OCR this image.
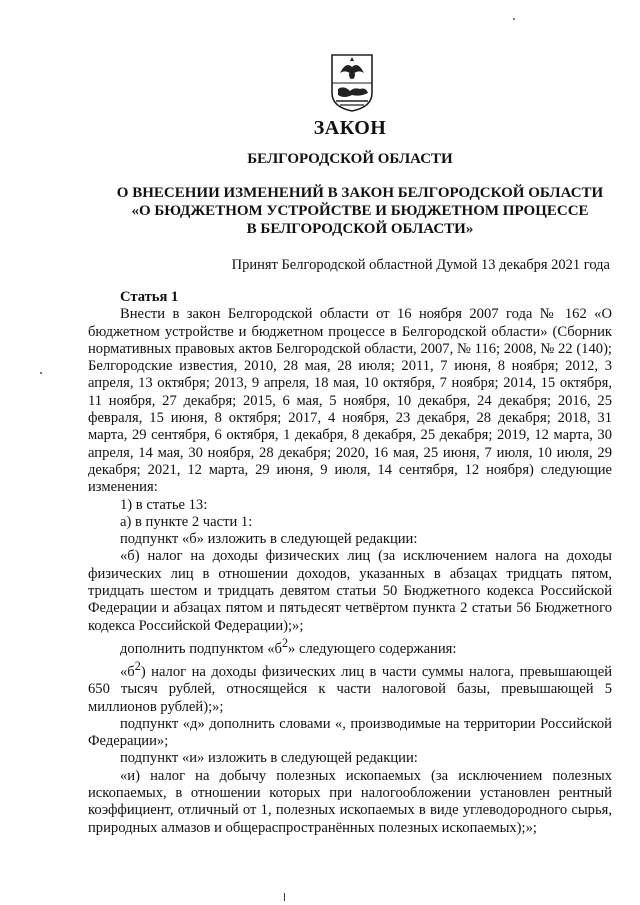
ЗАКОН
БЕЛГОРОДСКОЙ ОБЛАСТИ
О ВНЕСЕНИИ ИЗМЕНЕНИЙ В ЗАКОН БЕЛГОРОДСКОЙ ОБЛАСТИ
«О БЮДЖЕТНОМ УСТРОЙСТВЕ И БЮДЖЕТНОМ ПРОЦЕССЕ
В БЕЛГОРОДСКОЙ ОБЛАСТИ»
Принят Белгородской областной Думой 13 декабря 2021 года
Статья 1

Внести в закон Белгородской области от 16 ноября 2007 года № 162 «О бюджетном устройстве и бюджетном процессе в Белгородской области» (Сборник нормативных правовых актов Белгородской области, 2007, № 116; 2008, № 22 (140); Белгородские известия, 2010, 28 мая, 28 июля; 2011, 7 июня, 8 ноября; 2012, 3 апреля, 13 октября; 2013, 9 апреля, 18 мая, 10 октября, 7 ноября; 2014, 15 октября, 11 ноября, 27 декабря; 2015, 6 мая, 5 ноября, 10 декабря, 24 декабря; 2016, 25 февраля, 15 июня, 8 октября; 2017, 4 ноября, 23 декабря, 28 декабря; 2018, 31 марта, 29 сентября, 6 октября, 1 декабря, 8 декабря, 25 декабря; 2019, 12 марта, 30 апреля, 14 мая, 30 ноября, 28 декабря; 2020, 16 мая, 25 июня, 7 июля, 10 июля, 29 декабря; 2021, 12 марта, 29 июня, 9 июля, 14 сентября, 12 ноября) следующие изменения:

1) в статье 13:

а) в пункте 2 части 1:

подпункт «б» изложить в следующей редакции:

«б) налог на доходы физических лиц (за исключением налога на доходы физических лиц в отношении доходов, указанных в абзацах тридцать пятом, тридцать шестом и тридцать девятом статьи 50 Бюджетного кодекса Российской Федерации и абзацах пятом и пятьдесят четвёртом пункта 2 статьи 56 Бюджетного кодекса Российской Федерации);»;

дополнить подпунктом «$б^2$» следующего содержания:

«$б^2$) налог на доходы физических лиц в части суммы налога, превышающей 650 тысяч рублей, относящейся к части налоговой базы, превышающей 5 миллионов рублей);»;

подпункт «д» дополнить словами «, производимые на территории Российской Федерации»;

подпункт «и» изложить в следующей редакции:

«и) налог на добычу полезных ископаемых (за исключением полезных ископаемых, в отношении которых при налогообложении установлен рентный коэффициент, отличный от 1, полезных ископаемых в виде углеводородного сырья, природных алмазов и общераспространённых полезных ископаемых);»;
